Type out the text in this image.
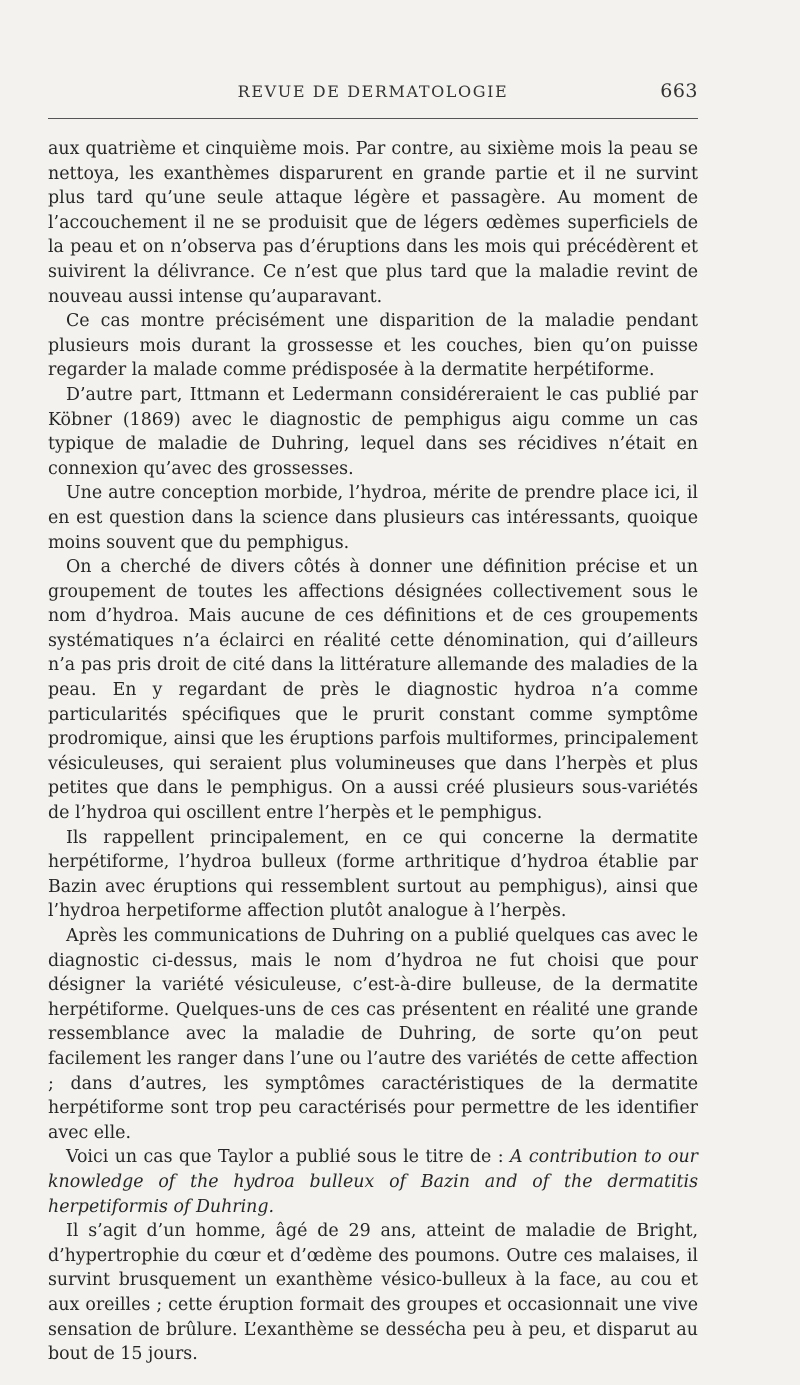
REVUE DE DERMATOLOGIE	663

aux quatrième et cinquième mois. Par contre, au sixième mois la peau se nettoya, les exanthèmes disparurent en grande partie et il ne survint plus tard qu’une seule attaque légère et passagère. Au moment de l’accouchement il ne se produisit que de légers œdèmes superficiels de la peau et on n’observa pas d’éruptions dans les mois qui précédèrent et suivirent la délivrance. Ce n’est que plus tard que la maladie revint de nouveau aussi intense qu’auparavant.

Ce cas montre précisément une disparition de la maladie pendant plusieurs mois durant la grossesse et les couches, bien qu’on puisse regarder la malade comme prédisposée à la dermatite herpétiforme.

D’autre part, Ittmann et Ledermann considéreraient le cas publié par Köbner (1869) avec le diagnostic de pemphigus aigu comme un cas typique de maladie de Duhring, lequel dans ses récidives n’était en connexion qu’avec des grossesses.

Une autre conception morbide, l’hydroa, mérite de prendre place ici, il en est question dans la science dans plusieurs cas intéressants, quoique moins souvent que du pemphigus.

On a cherché de divers côtés à donner une définition précise et un groupement de toutes les affections désignées collectivement sous le nom d’hydroa. Mais aucune de ces définitions et de ces groupements systématiques n’a éclairci en réalité cette dénomination, qui d’ailleurs n’a pas pris droit de cité dans la littérature allemande des maladies de la peau. En y regardant de près le diagnostic hydroa n’a comme particularités spécifiques que le prurit constant comme symptôme prodromique, ainsi que les éruptions parfois multiformes, principalement vésiculeuses, qui seraient plus volumineuses que dans l’herpès et plus petites que dans le pemphigus. On a aussi créé plusieurs sous-variétés de l’hydroa qui oscillent entre l’herpès et le pemphigus.

Ils rappellent principalement, en ce qui concerne la dermatite herpétiforme, l’hydroa bulleux (forme arthritique d’hydroa établie par Bazin avec éruptions qui ressemblent surtout au pemphigus), ainsi que l’hydroa herpetiforme affection plutôt analogue à l’herpès.

Après les communications de Duhring on a publié quelques cas avec le diagnostic ci-dessus, mais le nom d’hydroa ne fut choisi que pour désigner la variété vésiculeuse, c’est-à-dire bulleuse, de la dermatite herpétiforme. Quelques-uns de ces cas présentent en réalité une grande ressemblance avec la maladie de Duhring, de sorte qu’on peut facilement les ranger dans l’une ou l’autre des variétés de cette affection ; dans d’autres, les symptômes caractéristiques de la dermatite herpétiforme sont trop peu caractérisés pour permettre de les identifier avec elle.

Voici un cas que Taylor a publié sous le titre de : A contribution to our knowledge of the hydroa bulleux of Bazin and of the dermatitis herpetiformis of Duhring.

Il s’agit d’un homme, âgé de 29 ans, atteint de maladie de Bright, d’hypertrophie du cœur et d’œdème des poumons. Outre ces malaises, il survint brusquement un exanthème vésico-bulleux à la face, au cou et aux oreilles ; cette éruption formait des groupes et occasionnait une vive sensation de brûlure. L’exanthème se dessécha peu à peu, et disparut au bout de 15 jours.
